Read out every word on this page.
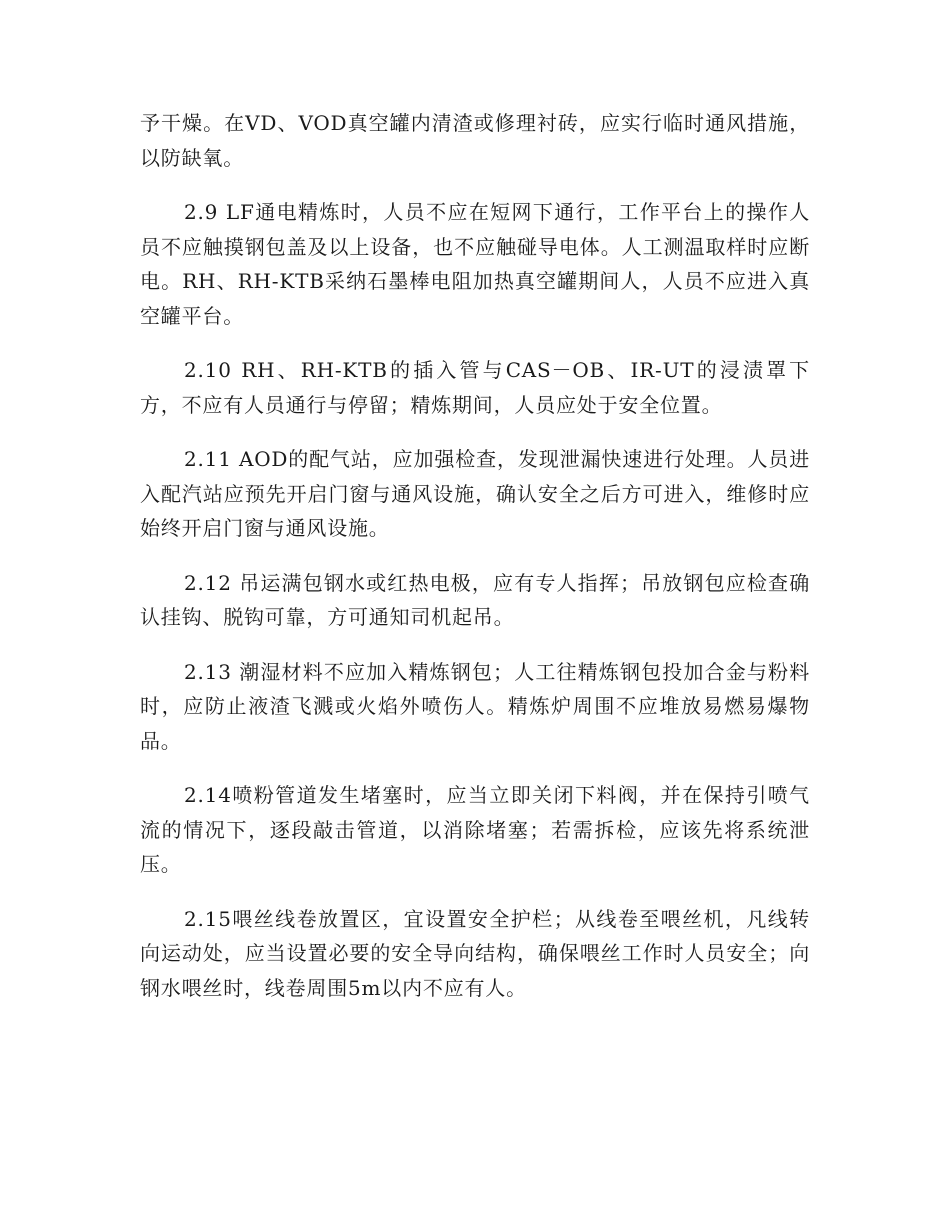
予干燥。在VD、VOD真空罐内清渣或修理衬砖，应实行临时通风措施，以防缺氧。

2.9 LF通电精炼时，人员不应在短网下通行，工作平台上的操作人员不应触摸钢包盖及以上设备，也不应触碰导电体。人工测温取样时应断电。RH、RH-KTB采纳石墨棒电阻加热真空罐期间人，人员不应进入真空罐平台。

2.10 RH、RH-KTB的插入管与CAS－OB、IR-UT的浸渍罩下方，不应有人员通行与停留；精炼期间，人员应处于安全位置。

2.11 AOD的配气站，应加强检查，发现泄漏快速进行处理。人员进入配汽站应预先开启门窗与通风设施，确认安全之后方可进入，维修时应始终开启门窗与通风设施。

2.12 吊运满包钢水或红热电极，应有专人指挥；吊放钢包应检查确认挂钩、脱钩可靠，方可通知司机起吊。

2.13 潮湿材料不应加入精炼钢包；人工往精炼钢包投加合金与粉料时，应防止液渣飞溅或火焰外喷伤人。精炼炉周围不应堆放易燃易爆物品。

2.14喷粉管道发生堵塞时，应当立即关闭下料阀，并在保持引喷气流的情况下，逐段敲击管道，以消除堵塞；若需拆检，应该先将系统泄压。

2.15喂丝线卷放置区，宜设置安全护栏；从线卷至喂丝机，凡线转向运动处，应当设置必要的安全导向结构，确保喂丝工作时人员安全；向钢水喂丝时，线卷周围5m以内不应有人。
